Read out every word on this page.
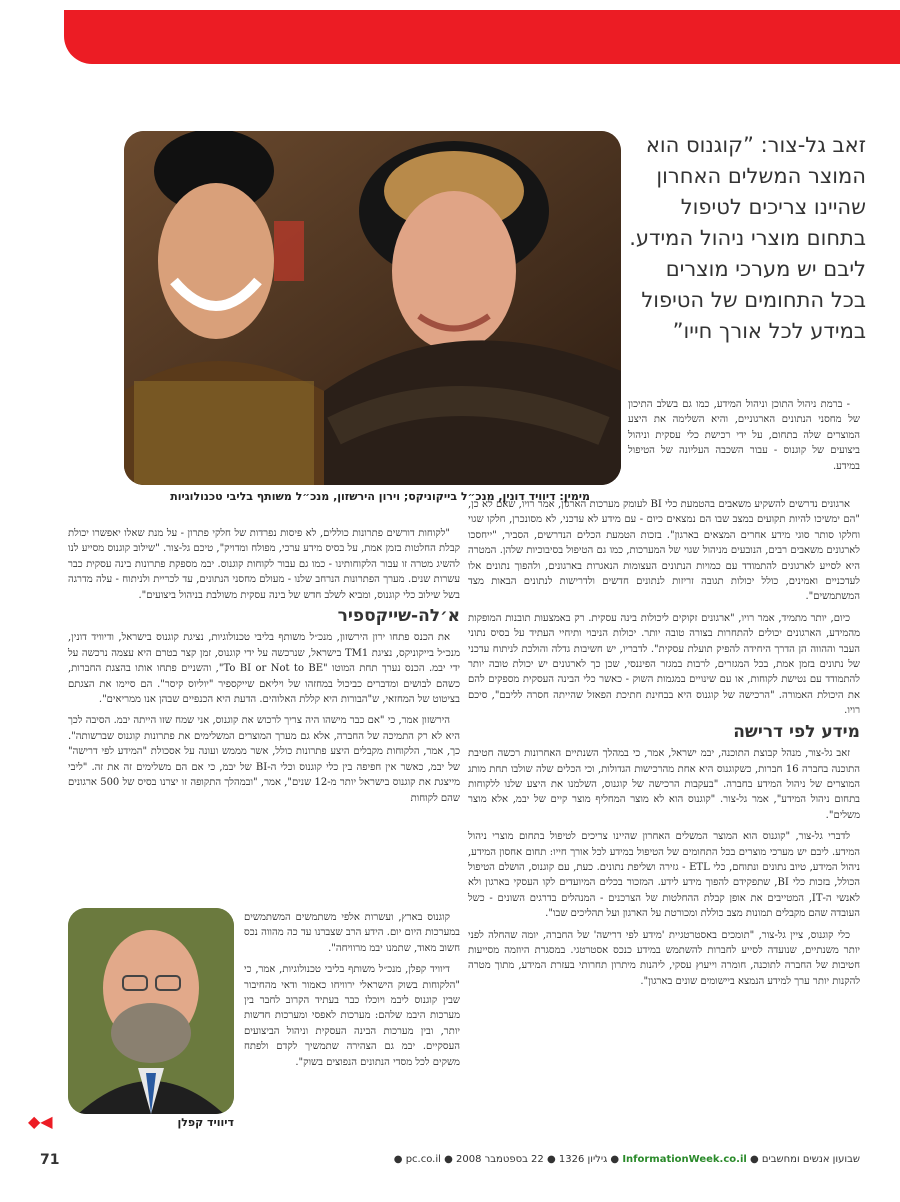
זאב גל-צור: ”קוגנוס הוא המוצר המשלים האחרון שהיינו צריכים לטיפול בתחום מוצרי ניהול המידע. ליבם יש מערכי מוצרים בכל התחומים של הטיפול במידע לכל אורך חייו”
מימין: דיוויד דונין, מנכ״ל בייקוניקס; וירון הירשזון, מנכ״ל משותף בליבי טכנולוגיות

- ברמת ניהול התוכן וניהול המידע, כמו גם בשלב התיכון של מחסני הנתונים הארגוניים, והיא השלימה את היצע המוצרים שלה בתחום, על ידי רכישת כלי עסקית וניהול ביצועים של קוגנוס - עבור השכבה העליונה של הטיפול במידע.

ארגונים נדרשים להשקיע משאבים בהטמעת כלי BI לעומק מערכות הארגון, אמר רויו, שאם לא כן, "הם ימשיכו להיות תקועים במצב שבו הם נמצאים כיום - עם מידע לא עדכני, לא מסונכרן, חלקו שגוי וחלקו סותר סוגי מידע אחרים המצאים בארגון". בזכות הטמעת הכלים הנדרשים, הסביר, "ייחסכו לארגונים משאבים רבים, הנובעים מניהול שגוי של המערכות, כמו גם הטיפול בסיבוכיות שלהן. המטרה היא לסייע לארגונים להתמודד עם כמויות הנתונים העצומות הנאגרות בארגונים, ולהפוך נתונים אלו לעדכניים ואמינים, כולל יכולות תגובה זריזות לנתונים חדשים ולדרישות לנתונים הבאות מצד המשתמשים".

כיום, יותר מתמיד, אמר רויו, "ארגונים זקוקים ליכולות בינה עסקית. רק באמצעות תובנות המופקות מהמידע, הארגונים יכולים להתחרות בצורה טובה יותר. יכולות הניבוי ותיחיי העתיד על בסיס נתוני העבר וההווה הן הדרך היחידה להפיק תועלת עסקית". לדבריו, יש חשיבות גדלה והולכת לניתוח עדכני של נתונים בזמן אמת, בכל המגזרים, לרבות במגזר הפיננסי, שכן כך לארגונים יש יכולת טובה יותר להתמודד עם נטישת לקוחות, או עם שינויים במגמות השוק - כאשר כלי הבינה העסקית מספקים להם את היכולת האמורה. "הרכישה של קוגנוס היא בבחינת חתיכת הפאזל שהייתה חסרה לליבם", סיכם רויו.

מידע לפי דרישה

זאב גל-צור, מנהל קבוצת התוכנה, יבמ ישראל, אמר, כי במהלך השנתיים האחרונות רכשה חטיבת התוכנה בחברה 16 חברות, כשקוגנוס היא אחת מהרכישות הגדולות, וכי הכלים שלה שולבו תחת מותג המוצרים של ניהול המידע בחברה. "בעקבות הרכישה של קוגנוס, השלמנו את היצע שלנו ללקוחות בתחום ניהול המידע", אמר גל-צור. "קוגנוס הוא לא מוצר המחליף מוצר קיים של יבמ, אלא מוצר משלים".

לדברי גל-צור, "קוגנוס הוא המוצר המשלים האחרון שהיינו צריכים לטיפול בתחום מוצרי ניהול המידע. ליבם יש מערכי מוצרים בכל התחומים של הטיפול במידע לכל אורך חייו: תחום אחסון המידע, ניהול המידע, טיוב נתונים ונתוחם, כלי ETL - גזירה ושליפת נתונים. כעת, עם קוגנוס, הושלם הטיפול הכולל, בזכות כלי BI, שתפקידם להפוך מידע לידע. המזכור בכלים המיועדים לקו העסקי בארגון ולא לאנשי ה-IT, המטייבים את אופן קבלת ההחלטות של הצרכנים - המנהלים בדרגים השונים - כשל העובדה שהם מקבלים תמונות מצב כוללת ומכורטת על הארגון ועל תהליכים שבו".

כלי קוגנוס, ציין גל-צור, "תומכים באסטרטגיית 'מידע לפי דרישה' של החברה, יומה שהחלה לפני יותר משנתיים, שנועדה לסייע לחברות להשתמש במידע כנכס אסטרטגי. במסגרת היוזמה מסייעות חטיבות של החברה לתוכנה, חומרה וייעוץ עסקי, ליהנות מיתרון תחרותי בעזרת המידע, מתוך מטרה להקנות יותר ערך למידע הנמצא ביישומים שונים בארגון".

"לקוחות דורשים פתרונות כוללים, לא פיסות נפרדות של חלקי פתרון - על מנת שאלו יאפשרו יכולת קבלת החלטות בזמן אמת, על בסיס מידע ערכי, מפולח ומדויק", טיכם גל-צור. "שילוב קוגנוס מסייע לנו להשיג מטרה זו עבור הלקוחותינו - כמו גם עבור לקוחות קוגנוס. יבמ מספקת פתרונות בינה עסקית כבר עשרות שנים. מערך הפתרונות הנרחב שלנו - מעולם מחסני הנתונים, עד לכריית ולניתוח - עלה מדרגה בשל שילוב כלי קוגנוס, ומביא לשלב חדש של בינה עסקית משולבת בניהול ביצועים".

א׳לה-שייקספיר

את הכנס פתחו ירון הירשזון, מנכ״ל משותף בליבי טכנולוגיות, נציגת קוגנוס בישראל, ודיוויד דונין, מנכ״ל בייקוניקס, נציגת TM1 בישראל, שנרכשה על ידי קוגנוס, זמן קצר בטרם היא עצמה נרכשה על ידי יבמ. הכנס נערך תחת המוטו "To BI or Not to BE", והשניים פתחו אותו בהצגת החברות, כשהם לבושים ומדברים כביכול במחזהו של ויליאם שייקספיר "יוליוס קיסר". הם סיימו את הצגתם בציטוט של המחזאי, ש"הבורות היא קללת האלוהים. הדעת היא הכנפיים שבהן אנו ממריאים".

הירשזון אמר, כי "אם כבר מישהו היה צריך לרכוש את קוגנוס, אני שמח שזו הייתה יבמ. הסיבה לכך היא לא רק התמיכה של החברה, אלא גם מערך המוצרים המשלימים את פתרונות קוגנוס שברשותה". כך, אמר, הלקוחות מקבלים היצע פתרונות כולל, אשר מממש ועונה על אסכולת "המידע לפי דרישה" של יבמ, כאשר אין חפיפה בין כלי קוגנוס וכלי ה-BI של יבמ, כי אם הם משלימים זה את זה. "ליבי מייצגת את קוגנוס בישראל יותר מ-12 שנים", אמר, "ובמהלך התקופה זו יצרנו בסיס של 500 ארגונים שהם לקוחות

קוגנוס בארץ, ועשרות אלפי משתמשים המשתמשים במערכות היום יום. הידע הרב שצברנו עד כה מהווה נכס חשוב מאוד, שתמנו יבמ מרוויחה".

דיוויד קפלן, מנכ״ל משותף בליבי טכנולוגיות, אמר, כי "הלקוחות בשוק הישראלי ירוויחו כאמור ודאי מהחיבור שבין קוגנוס ליבמ ויוכלו כבר בעתיד הקרוב לחבר בין מערכות היבמ שלהם: מערכות לאפסי ומערכות חדשות יותר, ובין מערכות הבינה העסקית וניהול הביצועים העסקיים. יבמ גם הצהירה שתמשיך לקדם ולפתח משקים לכל מסדי הנתונים הנפוצים בשוק".

דיוויד קפלן
◆◀
71	שבועון אנשים ומחשבים ● InformationWeek.co.il ● גיליון 1326 ● 22 בספטמבר 2008 ● pc.co.il ●
